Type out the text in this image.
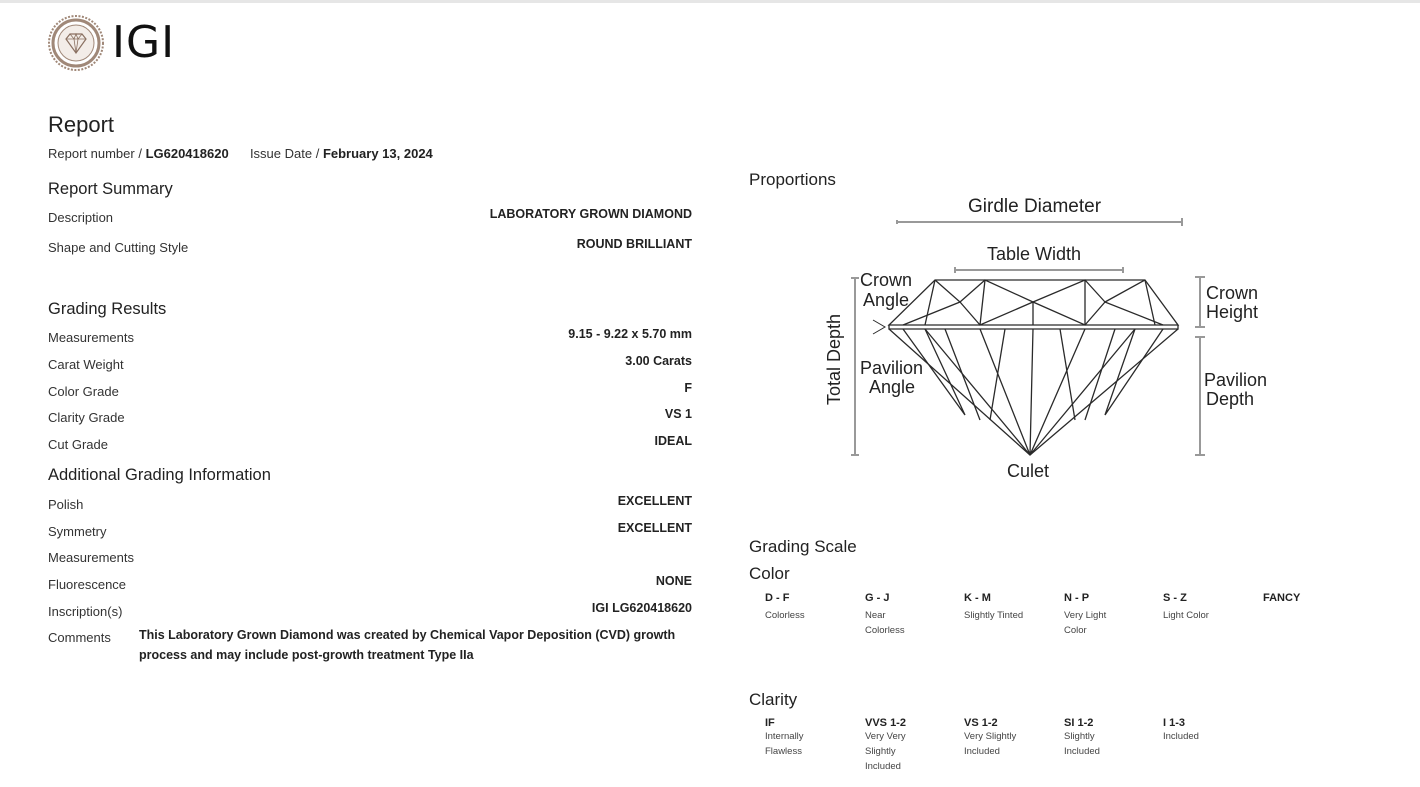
IGI
Report
Report number / LG620418620 Issue Date / February 13, 2024
Report Summary
Description	LABORATORY GROWN DIAMOND
Shape and Cutting Style	ROUND BRILLIANT
Grading Results
Measurements	9.15 - 9.22 x 5.70 mm
Carat Weight	3.00 Carats
Color Grade	F
Clarity Grade	VS 1
Cut Grade	IDEAL
Additional Grading Information
Polish	EXCELLENT
Symmetry	EXCELLENT
Measurements
Fluorescence	NONE
Inscription(s)	IGI LG620418620
Comments This Laboratory Grown Diamond was created by Chemical Vapor Deposition (CVD) growth process and may include post-growth treatment Type IIa
Proportions
Girdle Diameter
Table Width
Crown
Angle	Crown
Height
Total Depth Pavilion
Angle	Pavilion
Depth
Culet
Grading Scale
Color
D - F
Colorless
G - J
Near Colorless
K - M
Slightly Tinted
N - P
Very Light Color
S - Z
Light Color
FANCY
Clarity
IF
Internally Flawless
VVS 1-2
Very Very Slightly Included
VS 1-2
Very Slightly Included
SI 1-2
Slightly Included
I 1-3
Included
